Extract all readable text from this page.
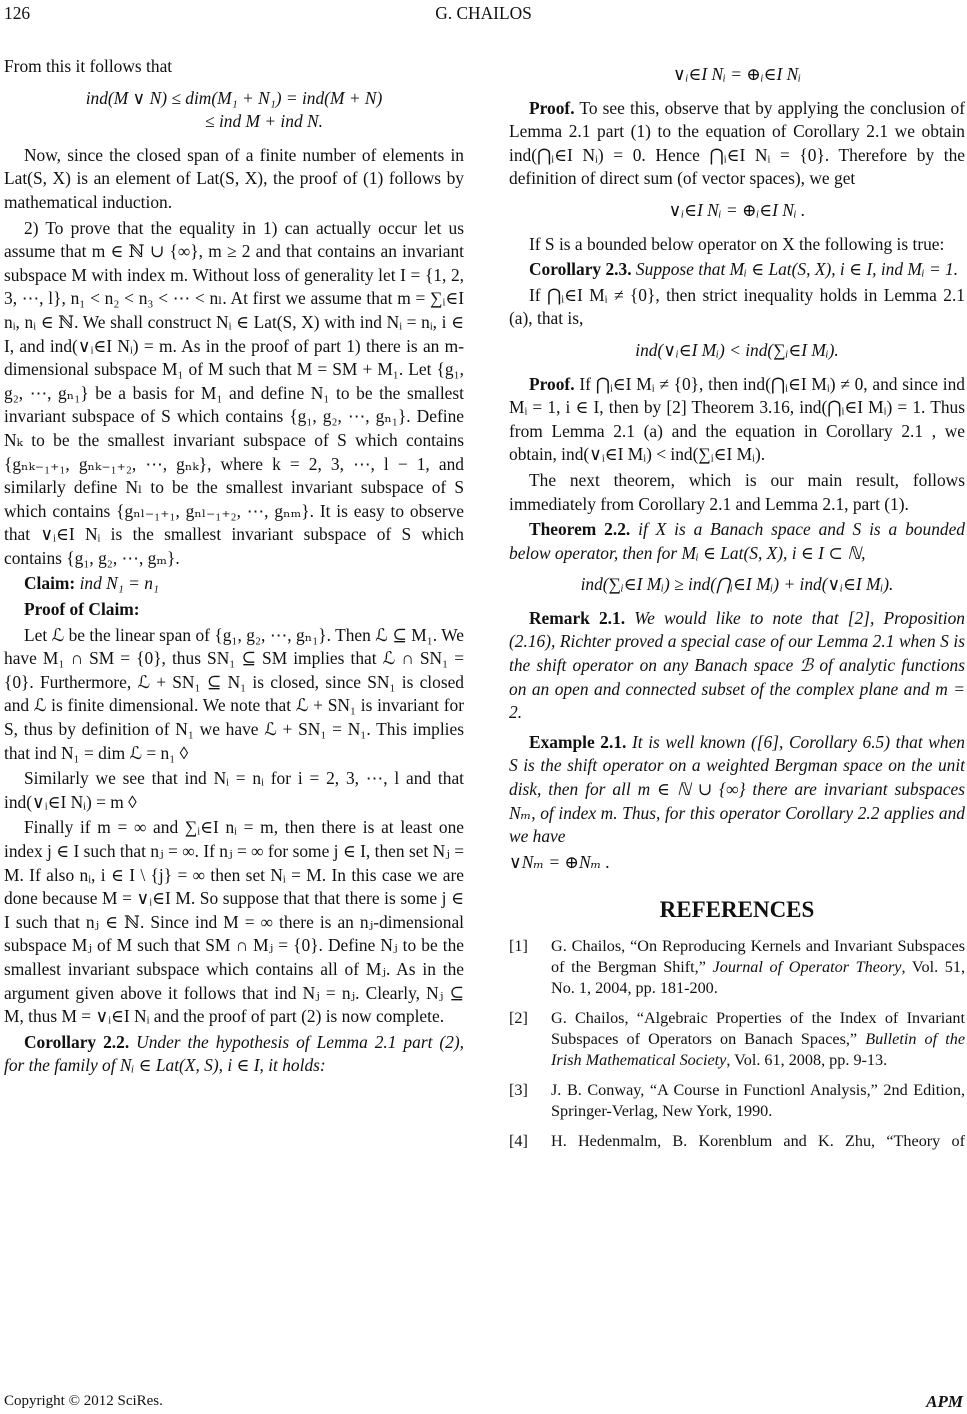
126	G. CHAILOS

From this it follows that

ind(M ∨ N) ≤ dim(M₁ + N₁) = ind(M + N)
≤ ind M + ind N.

Now, since the closed span of a finite number of elements in Lat(S, X) is an element of Lat(S, X), the proof of (1) follows by mathematical induction.

2) To prove that the equality in 1) can actually occur let us assume that m ∈ ℕ ∪ {∞}, m ≥ 2 and that contains an invariant subspace M with index m. Without loss of generality let I = {1, 2, 3, ⋯, l}, n₁ < n₂ < n₃ < ⋯ < nₗ. At first we assume that m = ∑ᵢ∈I nᵢ, nᵢ ∈ ℕ. We shall construct Nᵢ ∈ Lat(S, X) with ind Nᵢ = nᵢ, i ∈ I, and ind(∨ᵢ∈I Nᵢ) = m. As in the proof of part 1) there is an m-dimensional subspace M₁ of M such that M = SM + M₁. Let {g₁, g₂, ⋯, gₙ₁} be a basis for M₁ and define N₁ to be the smallest invariant subspace of S which contains {g₁, g₂, ⋯, gₙ₁}. Define Nₖ to be the smallest invariant subspace of S which contains {gₙₖ₋₁₊₁, gₙₖ₋₁₊₂, ⋯, gₙₖ}, where k = 2, 3, ⋯, l − 1, and similarly define Nₗ to be the smallest invariant subspace of S which contains {gₙₗ₋₁₊₁, gₙₗ₋₁₊₂, ⋯, gₙₘ}. It is easy to observe that ∨ᵢ∈I Nᵢ is the smallest invariant subspace of S which contains {g₁, g₂, ⋯, gₘ}.

Claim: ind N₁ = n₁

Proof of Claim:

Let ℒ be the linear span of {g₁, g₂, ⋯, gₙ₁}. Then ℒ ⊆ M₁. We have M₁ ∩ SM = {0}, thus SN₁ ⊆ SM implies that ℒ ∩ SN₁ = {0}. Furthermore, ℒ + SN₁ ⊆ N₁ is closed, since SN₁ is closed and ℒ is finite dimensional. We note that ℒ + SN₁ is invariant for S, thus by definition of N₁ we have ℒ + SN₁ = N₁. This implies that ind N₁ = dim ℒ = n₁ ◊

Similarly we see that ind Nᵢ = nᵢ for i = 2, 3, ⋯, l and that ind(∨ᵢ∈I Nᵢ) = m ◊

Finally if m = ∞ and ∑ᵢ∈I nᵢ = m, then there is at least one index j ∈ I such that nⱼ = ∞. If nⱼ = ∞ for some j ∈ I, then set Nⱼ = M. If also nᵢ, i ∈ I \ {j} = ∞ then set Nᵢ = M. In this case we are done because M = ∨ᵢ∈I M. So suppose that that there is some j ∈ I such that nⱼ ∈ ℕ. Since ind M = ∞ there is an nⱼ-dimensional subspace Mⱼ of M such that SM ∩ Mⱼ = {0}. Define Nⱼ to be the smallest invariant subspace which contains all of Mⱼ. As in the argument given above it follows that ind Nⱼ = nⱼ. Clearly, Nⱼ ⊆ M, thus M = ∨ᵢ∈I Nᵢ and the proof of part (2) is now complete.

Corollary 2.2. Under the hypothesis of Lemma 2.1 part (2), for the family of Nᵢ ∈ Lat(X, S), i ∈ I, it holds:

∨ᵢ∈I Nᵢ = ⊕ᵢ∈I Nᵢ

Proof. To see this, observe that by applying the conclusion of Lemma 2.1 part (1) to the equation of Corollary 2.1 we obtain ind(⋂ᵢ∈I Nᵢ) = 0. Hence ⋂ᵢ∈I Nᵢ = {0}. Therefore by the definition of direct sum (of vector spaces), we get

∨ᵢ∈I Nᵢ = ⊕ᵢ∈I Nᵢ .

If S is a bounded below operator on X the following is true:

Corollary 2.3. Suppose that Mᵢ ∈ Lat(S, X), i ∈ I, ind Mᵢ = 1.

If ⋂ᵢ∈I Mᵢ ≠ {0}, then strict inequality holds in Lemma 2.1 (a), that is,

ind(∨ᵢ∈I Mᵢ) < ind(∑ᵢ∈I Mᵢ).

Proof. If ⋂ᵢ∈I Mᵢ ≠ {0}, then ind(⋂ᵢ∈I Mᵢ) ≠ 0, and since ind Mᵢ = 1, i ∈ I, then by [2] Theorem 3.16, ind(⋂ᵢ∈I Mᵢ) = 1. Thus from Lemma 2.1 (a) and the equation in Corollary 2.1 , we obtain, ind(∨ᵢ∈I Mᵢ) < ind(∑ᵢ∈I Mᵢ).

The next theorem, which is our main result, follows immediately from Corollary 2.1 and Lemma 2.1, part (1).

Theorem 2.2. if X is a Banach space and S is a bounded below operator, then for Mᵢ ∈ Lat(S, X), i ∈ I ⊂ ℕ,

ind(∑ᵢ∈I Mᵢ) ≥ ind(⋂ᵢ∈I Mᵢ) + ind(∨ᵢ∈I Mᵢ).

Remark 2.1. We would like to note that [2], Proposition (2.16), Richter proved a special case of our Lemma 2.1 when S is the shift operator on any Banach space ℬ of analytic functions on an open and connected subset of the complex plane and m = 2.

Example 2.1. It is well known ([6], Corollary 6.5) that when S is the shift operator on a weighted Bergman space on the unit disk, then for all m ∈ ℕ ∪ {∞} there are invariant subspaces Nₘ, of index m. Thus, for this operator Corollary 2.2 applies and we have

∨Nₘ = ⊕Nₘ .

REFERENCES
[1]	G. Chailos, “On Reproducing Kernels and Invariant Subspaces of the Bergman Shift,” Journal of Operator Theory, Vol. 51, No. 1, 2004, pp. 181-200.
[2]	G. Chailos, “Algebraic Properties of the Index of Invariant Subspaces of Operators on Banach Spaces,” Bulletin of the Irish Mathematical Society, Vol. 61, 2008, pp. 9-13.
[3]	J. B. Conway, “A Course in Functionl Analysis,” 2nd Edition, Springer-Verlag, New York, 1990.
[4]	H. Hedenmalm, B. Korenblum and K. Zhu, “Theory of
Copyright © 2012 SciRes.	APM
